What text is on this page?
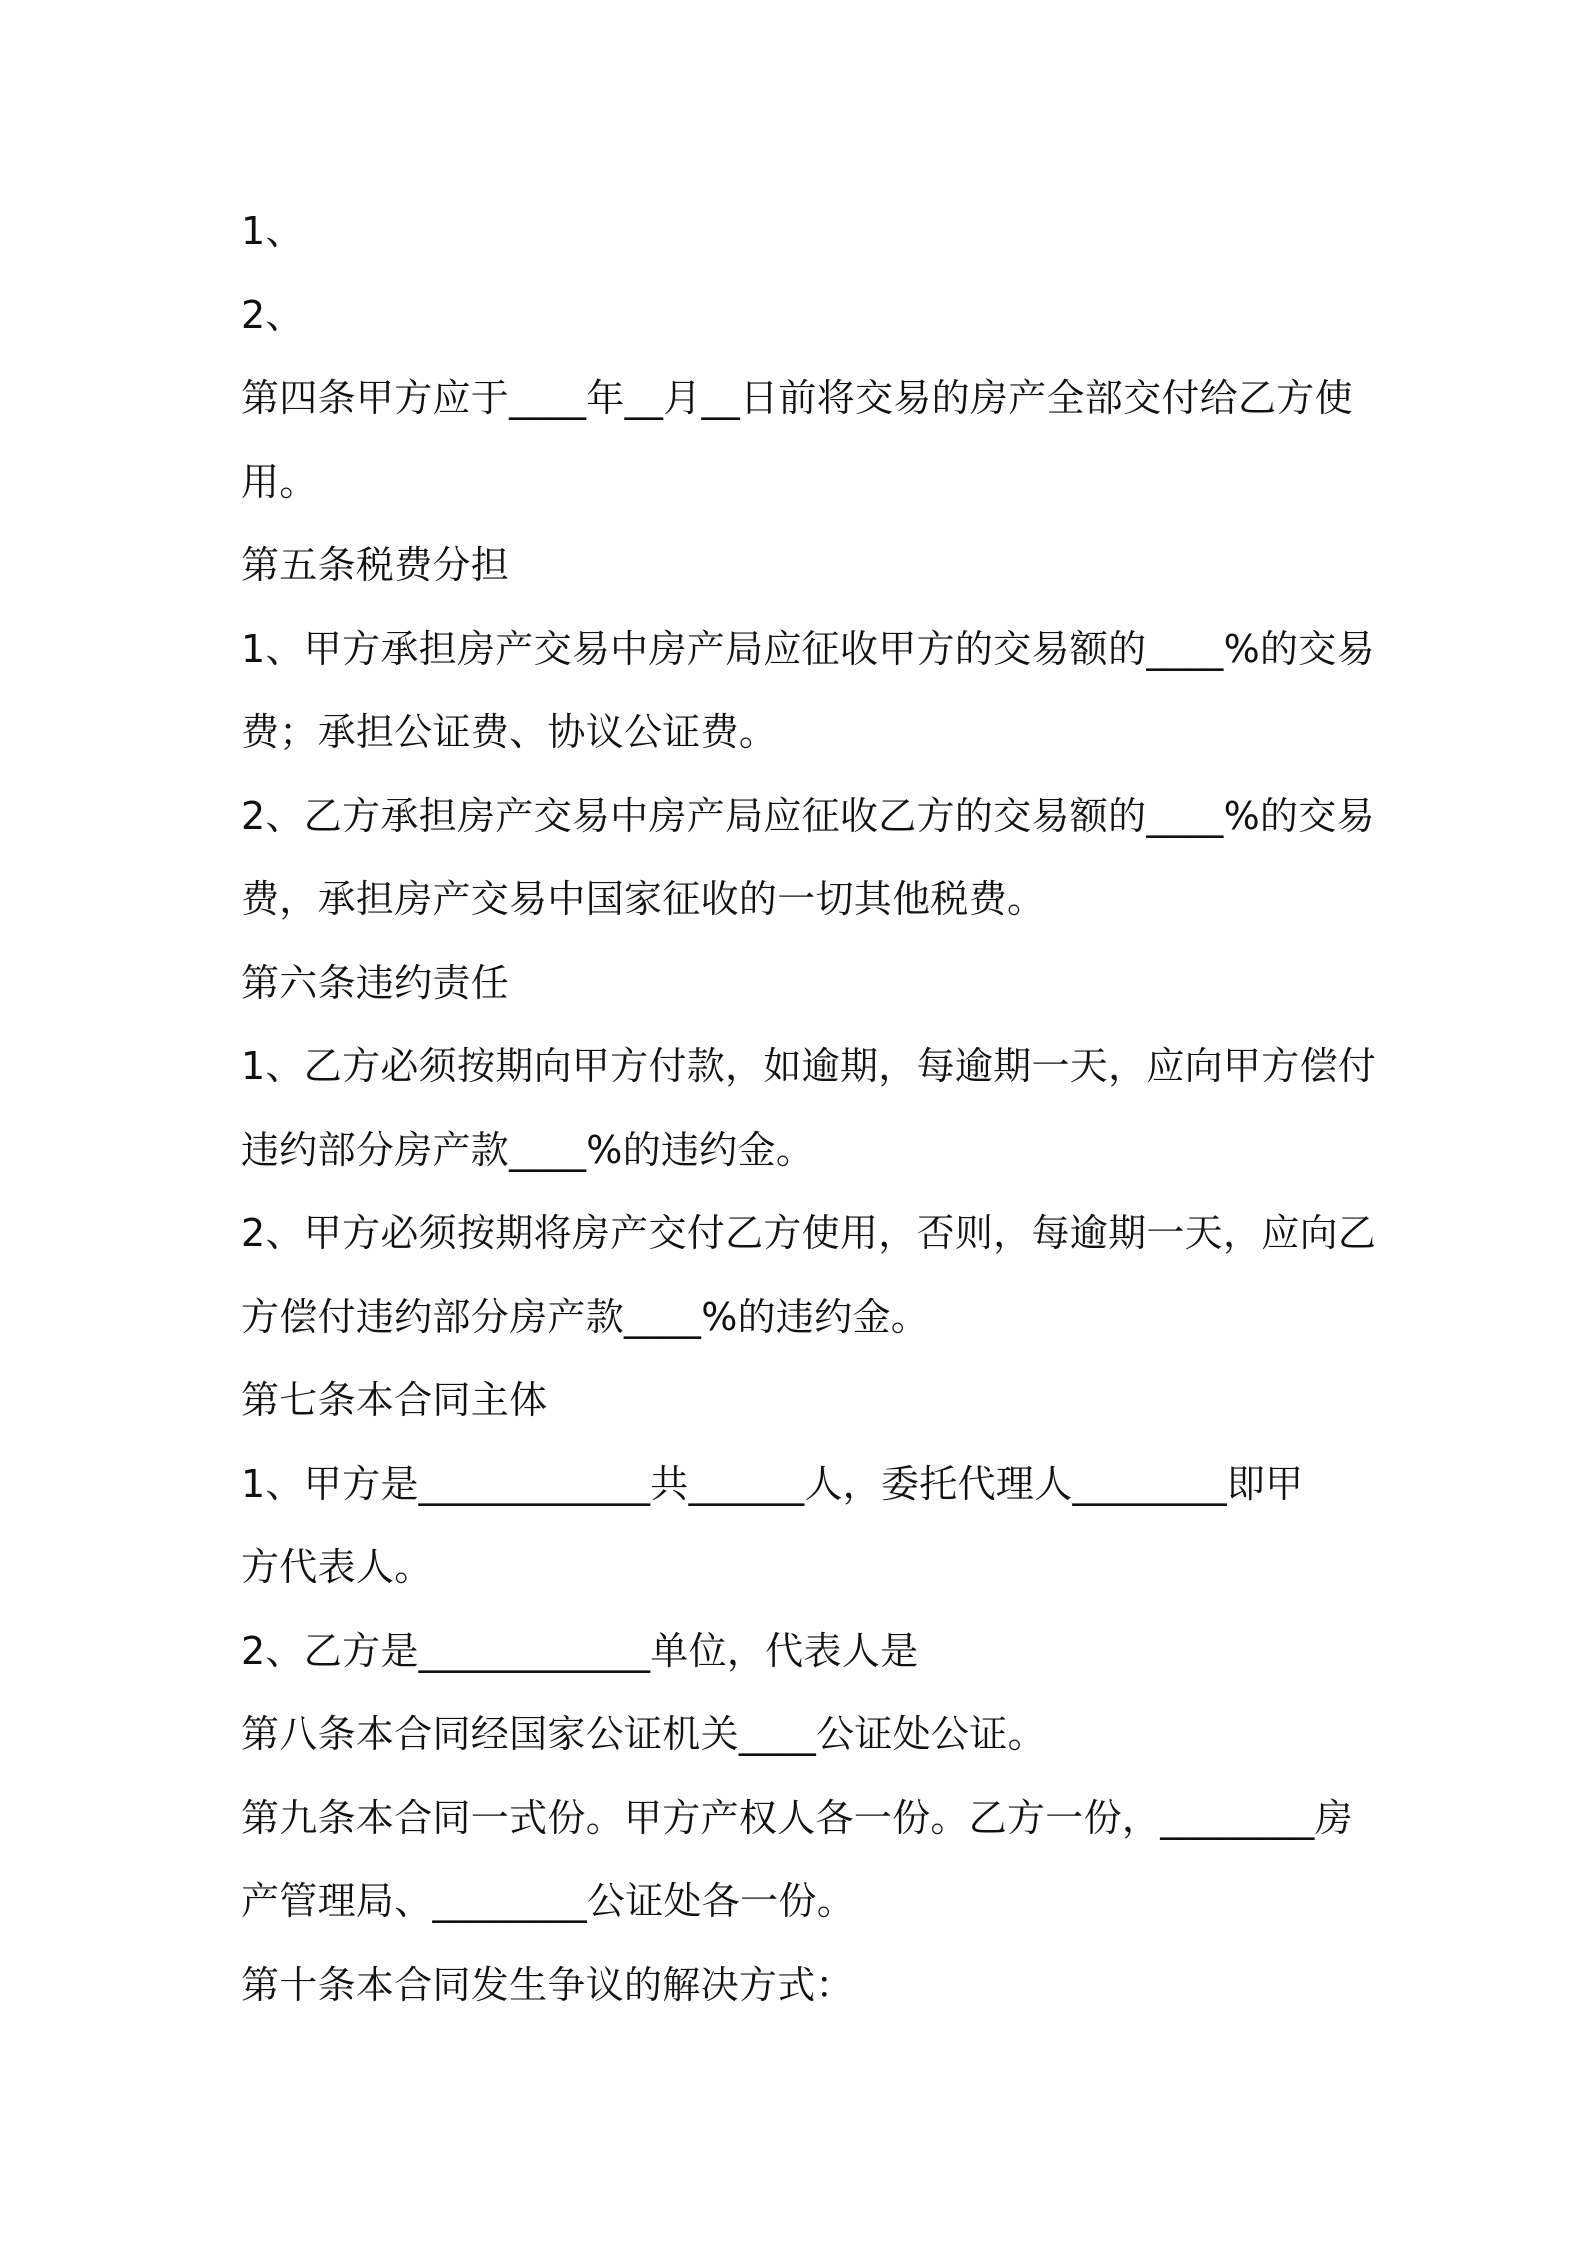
1、

2、

第四条甲方应于____年__月__日前将交易的房产全部交付给乙方使

用。

第五条税费分担

1、甲方承担房产交易中房产局应征收甲方的交易额的____%的交易

费；承担公证费、协议公证费。

2、乙方承担房产交易中房产局应征收乙方的交易额的____%的交易

费，承担房产交易中国家征收的一切其他税费。

第六条违约责任

1、乙方必须按期向甲方付款，如逾期，每逾期一天，应向甲方偿付

违约部分房产款____%的违约金。

2、甲方必须按期将房产交付乙方使用，否则，每逾期一天，应向乙

方偿付违约部分房产款____%的违约金。

第七条本合同主体

1、甲方是____________共______人，委托代理人________即甲

方代表人。

2、乙方是____________单位，代表人是

第八条本合同经国家公证机关____公证处公证。

第九条本合同一式份。甲方产权人各一份。乙方一份，________房

产管理局、________公证处各一份。

第十条本合同发生争议的解决方式：
